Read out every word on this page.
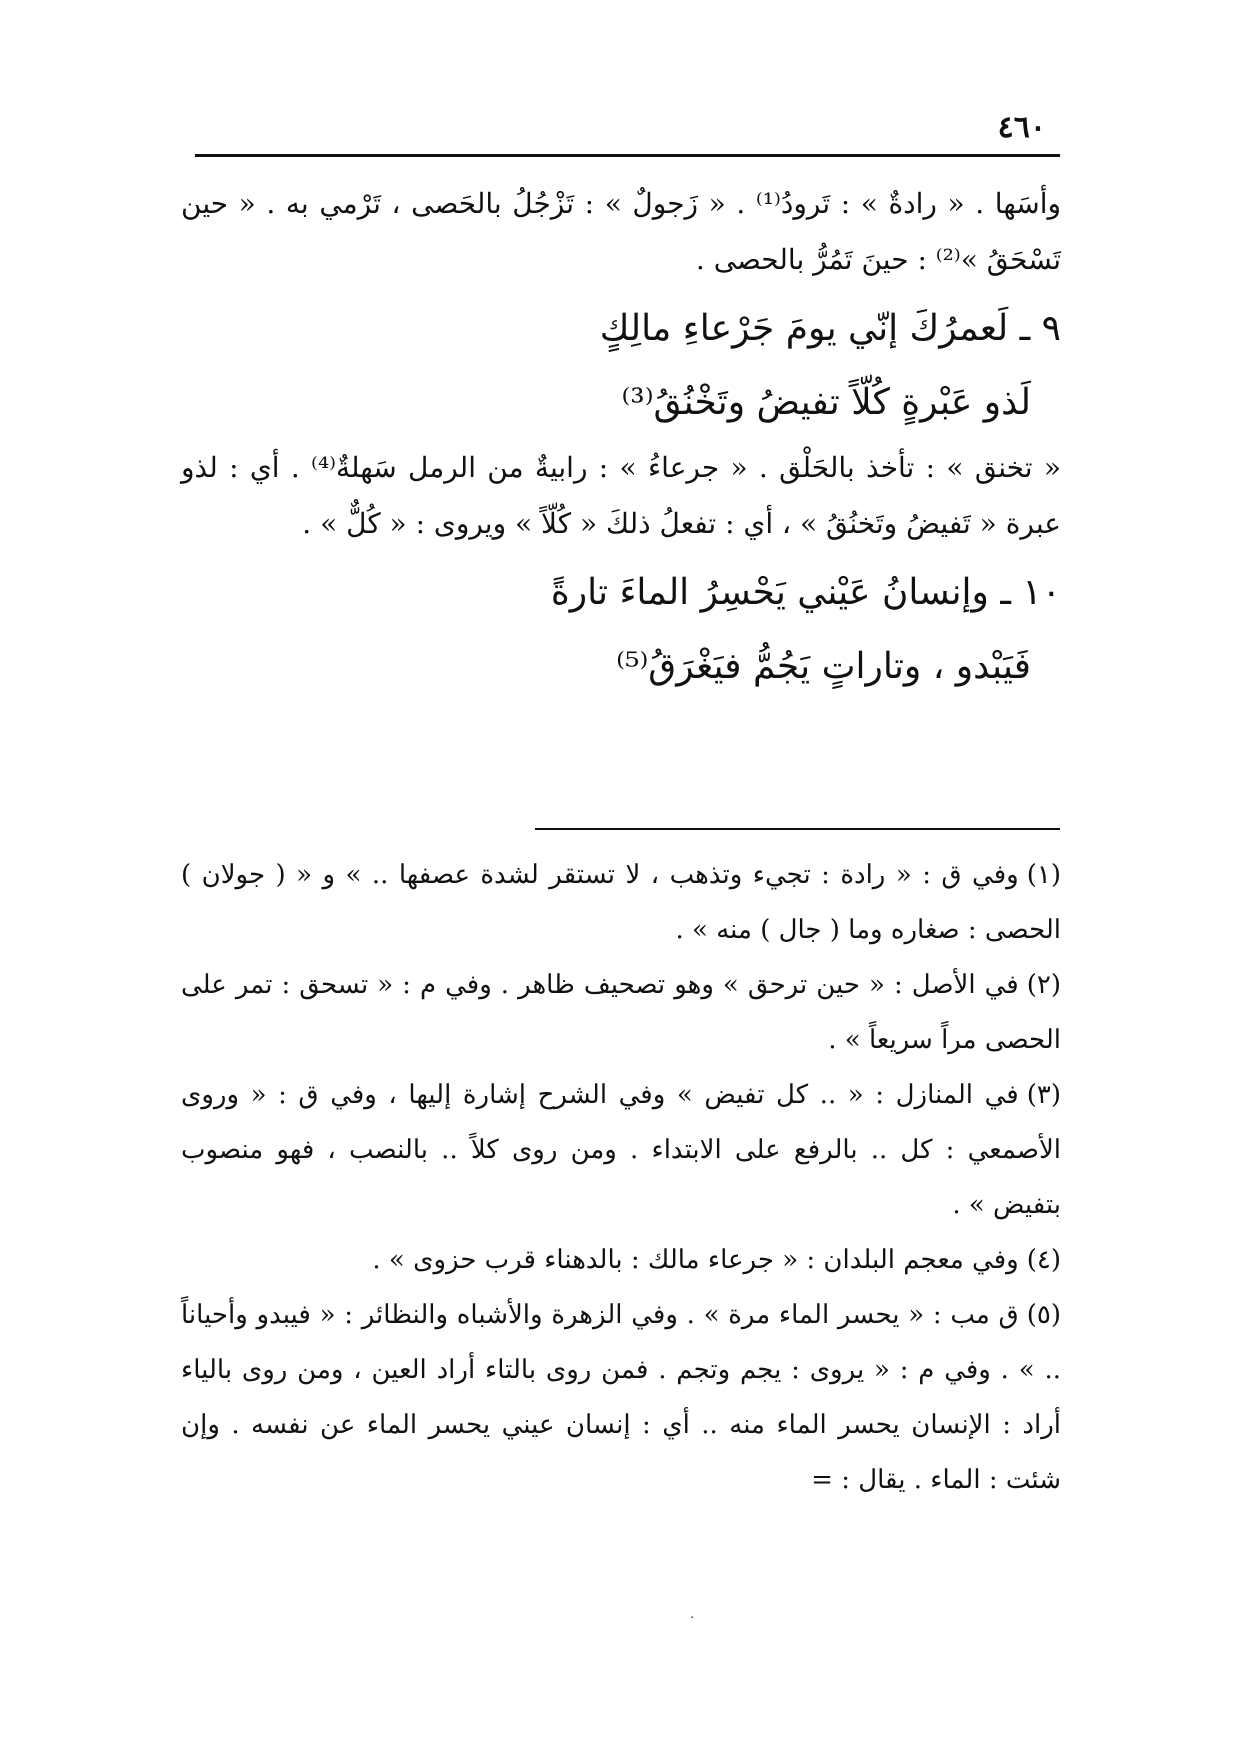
٤٦٠

وأسَها . « رادةٌ » : تَرودُ⁽¹⁾ . « زَجولٌ » : تَزْجُلُ بالحَصى ، تَرْمي به . « حين تَسْحَقُ »⁽²⁾ : حينَ تَمُرُّ بالحصى .

٩ ـ لَعمرُكَ إنّي يومَ جَرْعاءِ مالِكٍ

لَذو عَبْرةٍ كُلّاً تفيضُ وتَخْنُقُ⁽³⁾

« تخنق » : تأخذ بالحَلْق . « جرعاءُ » : رابيةٌ من الرمل سَهلةٌ⁽⁴⁾ . أي : لذو عبرة « تَفيضُ وتَخنُقُ » ، أي : تفعلُ ذلكَ « كُلّاً » ويروى : « كُلٌّ » .

١٠ ـ وإنسانُ عَيْني يَحْسِرُ الماءَ تارةً

فَيَبْدو ، وتاراتٍ يَجُمُّ فيَغْرَقُ⁽⁵⁾

(١)وفي ق : « رادة : تجيء وتذهب ، لا تستقر لشدة عصفها .. » و « ( جولان ) الحصى : صغاره وما ( جال ) منه » .

(٢)في الأصل : « حين ترحق » وهو تصحيف ظاهر . وفي م : « تسحق : تمر على الحصى مراً سريعاً » .

(٣)في المنازل : « .. كل تفيض » وفي الشرح إشارة إليها ، وفي ق : « وروى الأصمعي : كل .. بالرفع على الابتداء . ومن روى كلاً .. بالنصب ، فهو منصوب بتفيض » .

(٤)وفي معجم البلدان : « جرعاء مالك : بالدهناء قرب حزوى » .

(٥)ق مب : « يحسر الماء مرة » . وفي الزهرة والأشباه والنظائر : « فيبدو وأحياناً .. » . وفي م : « يروى : يجم وتجم . فمن روى بالتاء أراد العين ، ومن روى بالياء أراد : الإنسان يحسر الماء منه .. أي : إنسان عيني يحسر الماء عن نفسه . وإن شئت : الماء . يقال : =

·
